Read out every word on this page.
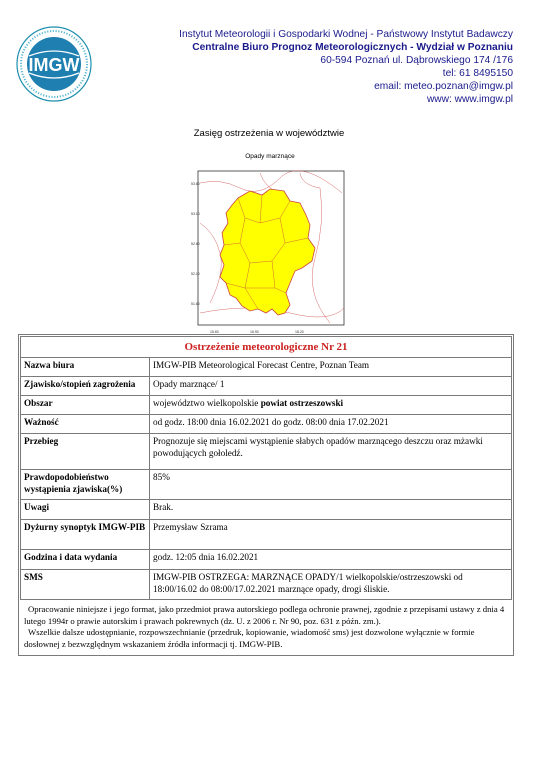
IMGW
Instytut Meteorologii i Gospodarki Wodnej - Państwowy Instytut Badawczy
Centralne Biuro Prognoz Meteorologicznych - Wydział w Poznaniu
60-594 Poznań ul. Dąbrowskiego 174 /176
tel: 61 8495150
email: meteo.poznan@imgw.pl
www: www.imgw.pl
Zasięg ostrzeżenia w województwie
Opady marznące
53.60
53.10
52.60
52.10
51.60
15.60	16.90	18.20
Ostrzeżenie meteorologiczne Nr 21	
Nazwa biura	IMGW-PIB Meteorological Forecast Centre, Poznan Team
Zjawisko/stopień zagrożenia	Opady marznące/ 1
Obszar	województwo wielkopolskie powiat ostrzeszowski
Ważność	od godz. 18:00 dnia 16.02.2021 do godz. 08:00 dnia 17.02.2021
Przebieg	Prognozuje się miejscami wystąpienie słabych opadów marznącego deszczu oraz mżawki powodujących gołoledź.
Prawdopodobieństwo wystąpienia zjawiska(%)	85%
Uwagi	Brak.
Dyżurny synoptyk IMGW-PIB	Przemysław Szrama
Godzina i data wydania	godz. 12:05 dnia 16.02.2021
SMS	IMGW-PIB OSTRZEGA: MARZNĄCE OPADY/1 wielkopolskie/ostrzeszowski od 18:00/16.02 do 08:00/17.02.2021 marznące opady, drogi śliskie.

Opracowanie niniejsze i jego format, jako przedmiot prawa autorskiego podlega ochronie prawnej, zgodnie z przepisami ustawy z dnia 4 lutego 1994r o prawie autorskim i prawach pokrewnych (dz. U. z 2006 r. Nr 90, poz. 631 z późn. zm.).

Wszelkie dalsze udostępnianie, rozpowszechnianie (przedruk, kopiowanie, wiadomość sms) jest dozwolone wyłącznie w formie dosłownej z bezwzględnym wskazaniem źródła informacji tj. IMGW-PIB.
